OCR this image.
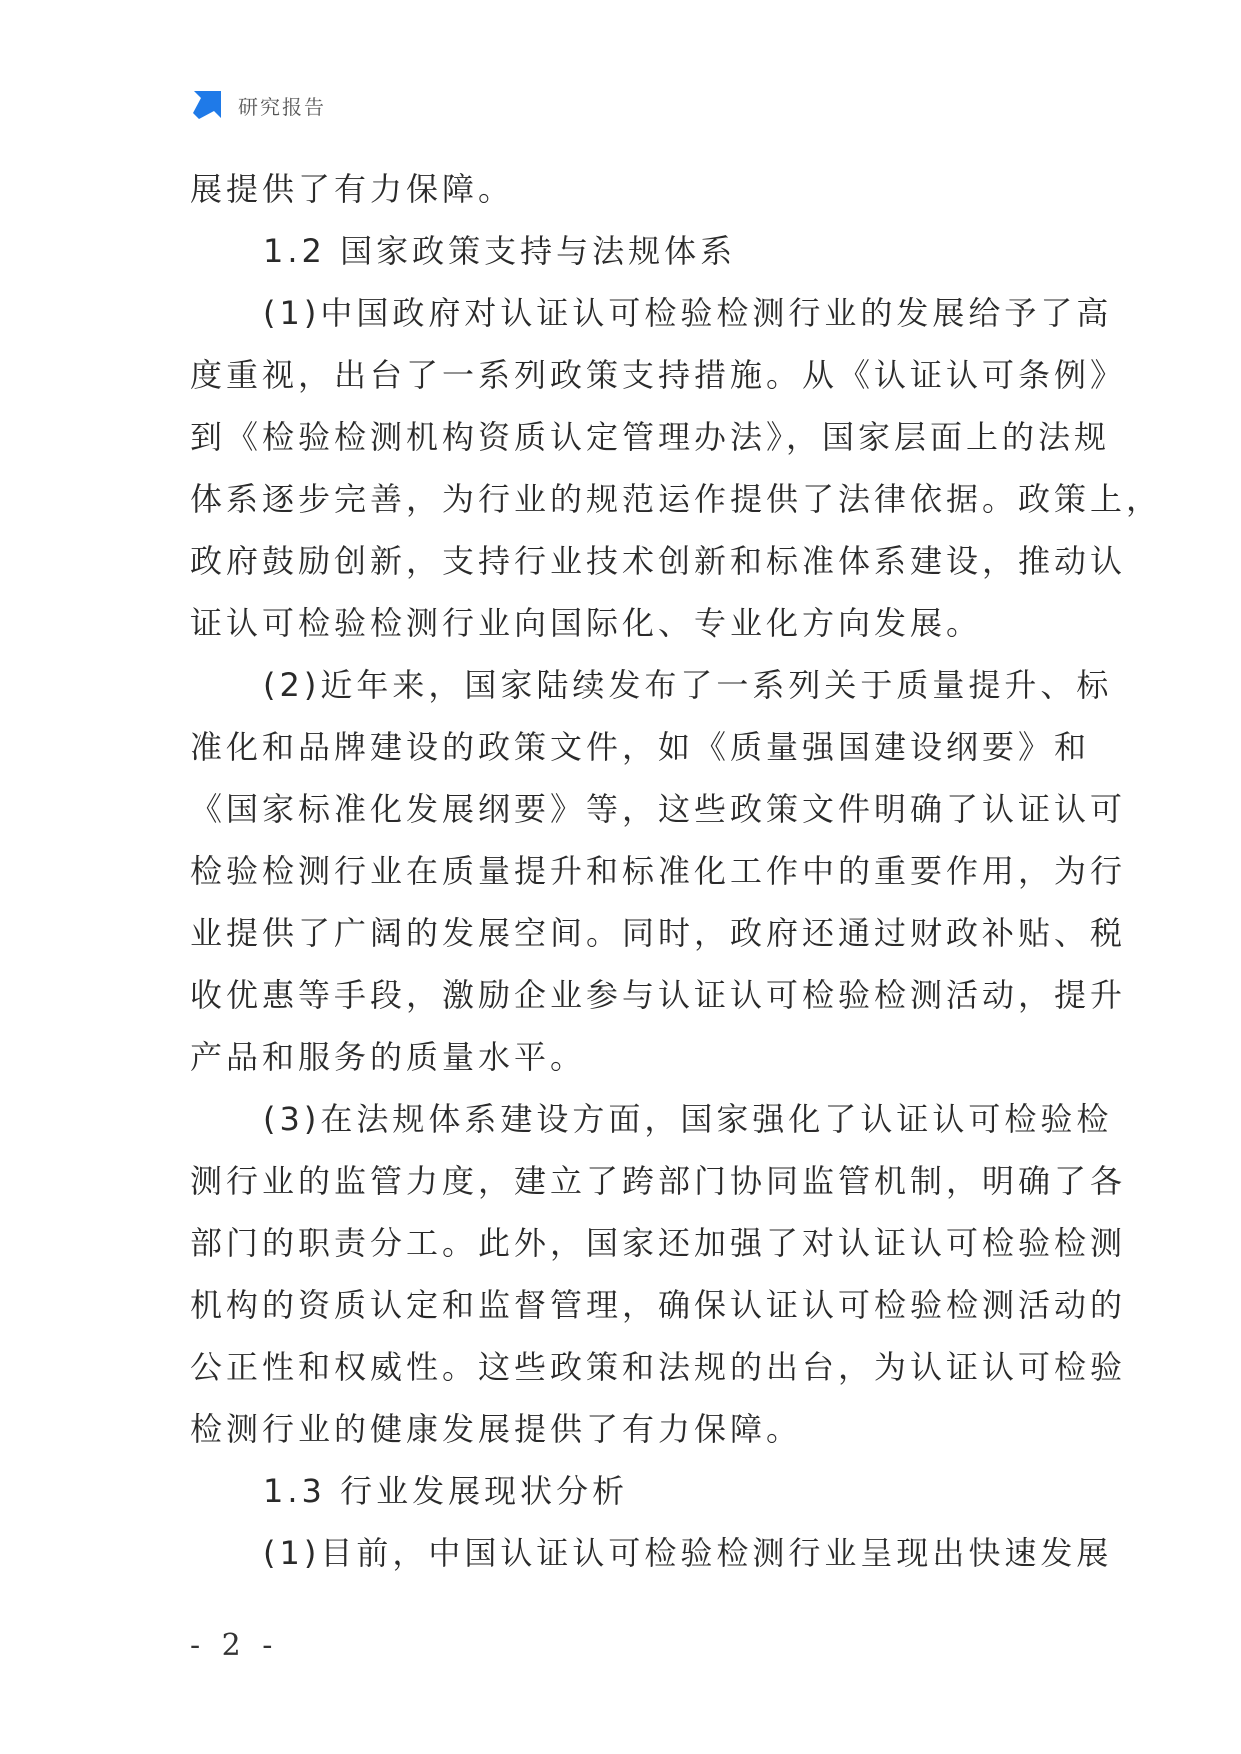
研究报告
展提供了有力保障。
1.2 国家政策支持与法规体系
(1)中国政府对认证认可检验检测行业的发展给予了高
度重视，出台了一系列政策支持措施。从《认证认可条例》
到《检验检测机构资质认定管理办法》，国家层面上的法规
体系逐步完善，为行业的规范运作提供了法律依据。政策上，
政府鼓励创新，支持行业技术创新和标准体系建设，推动认
证认可检验检测行业向国际化、专业化方向发展。
(2)近年来，国家陆续发布了一系列关于质量提升、标
准化和品牌建设的政策文件，如《质量强国建设纲要》和
《国家标准化发展纲要》等，这些政策文件明确了认证认可
检验检测行业在质量提升和标准化工作中的重要作用，为行
业提供了广阔的发展空间。同时，政府还通过财政补贴、税
收优惠等手段，激励企业参与认证认可检验检测活动，提升
产品和服务的质量水平。
(3)在法规体系建设方面，国家强化了认证认可检验检
测行业的监管力度，建立了跨部门协同监管机制，明确了各
部门的职责分工。此外，国家还加强了对认证认可检验检测
机构的资质认定和监督管理，确保认证认可检验检测活动的
公正性和权威性。这些政策和法规的出台，为认证认可检验
检测行业的健康发展提供了有力保障。
1.3 行业发展现状分析
(1)目前，中国认证认可检验检测行业呈现出快速发展
- 2 -
